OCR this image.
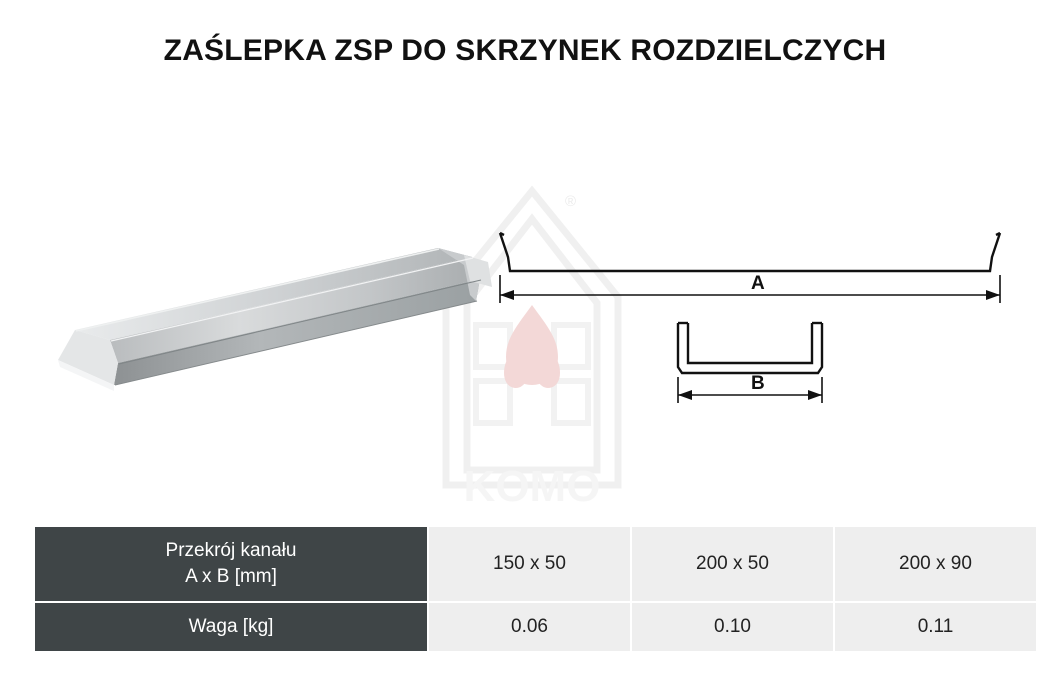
ZAŚLEPKA ZSP DO SKRZYNEK ROZDZIELCZYCH
KOMO
®
A
B
Przekrój kanału
A x B [mm]	150 x 50	200 x 50	200 x 90
Waga [kg]	0.06	0.10	0.11
